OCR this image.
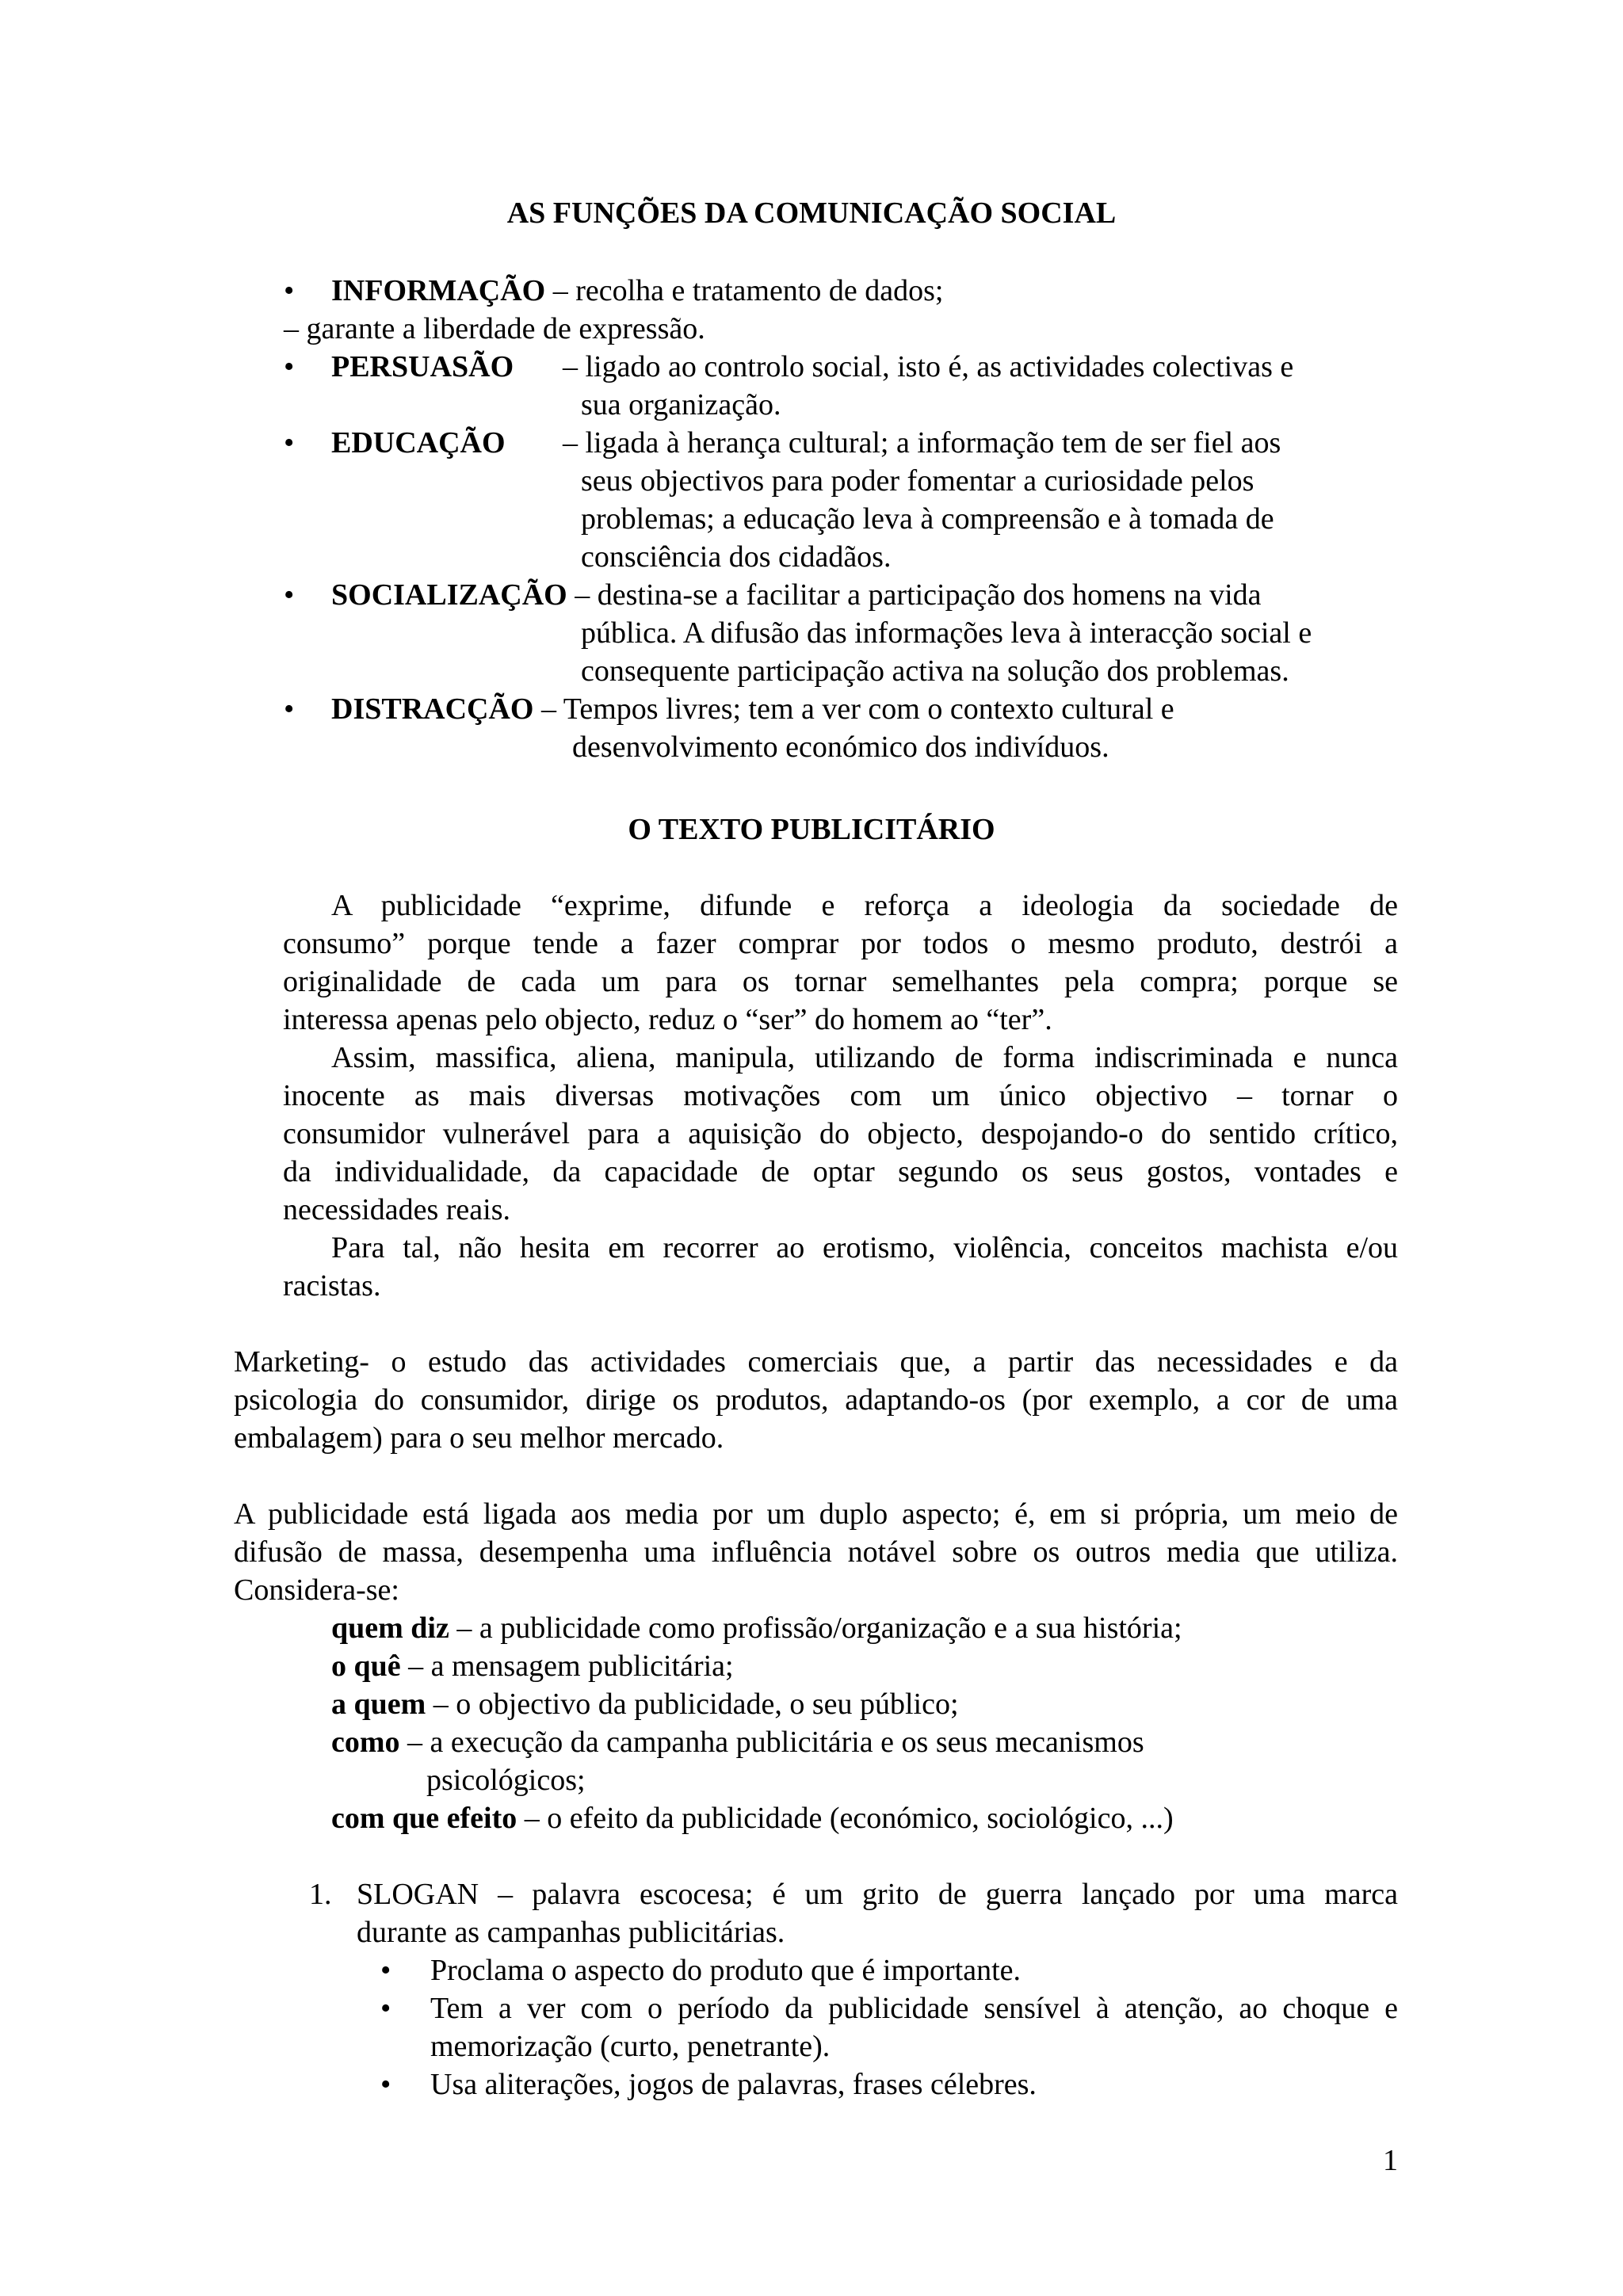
AS FUNÇÕES DA COMUNICAÇÃO SOCIAL
• INFORMAÇÃO – recolha e tratamento de dados;
– garante a liberdade de expressão.
• PERSUASÃO – ligado ao controlo social, isto é, as actividades colectivas e
sua organização.
• EDUCAÇÃO – ligada à herança cultural; a informação tem de ser fiel aos
seus objectivos para poder fomentar a curiosidade pelos
problemas; a educação leva à compreensão e à tomada de
consciência dos cidadãos.
• SOCIALIZAÇÃO – destina-se a facilitar a participação dos homens na vida
pública. A difusão das informações leva à interacção social e
consequente participação activa na solução dos problemas.
• DISTRACÇÃO – Tempos livres; tem a ver com o contexto cultural e
desenvolvimento económico dos indivíduos.
O TEXTO PUBLICITÁRIO
A publicidade “exprime, difunde e reforça a ideologia da sociedade de
consumo” porque tende a fazer comprar por todos o mesmo produto, destrói a
originalidade de cada um para os tornar semelhantes pela compra; porque se
interessa apenas pelo objecto, reduz o “ser” do homem ao “ter”.
Assim, massifica, aliena, manipula, utilizando de forma indiscriminada e nunca
inocente as mais diversas motivações com um único objectivo – tornar o
consumidor vulnerável para a aquisição do objecto, despojando-o do sentido crítico,
da individualidade, da capacidade de optar segundo os seus gostos, vontades e
necessidades reais.
Para tal, não hesita em recorrer ao erotismo, violência, conceitos machista e/ou
racistas.
Marketing- o estudo das actividades comerciais que, a partir das necessidades e da
psicologia do consumidor, dirige os produtos, adaptando-os (por exemplo, a cor de uma
embalagem) para o seu melhor mercado.
A publicidade está ligada aos media por um duplo aspecto; é, em si própria, um meio de
difusão de massa, desempenha uma influência notável sobre os outros media que utiliza.
Considera-se:
quem diz – a publicidade como profissão/organização e a sua história;
o quê – a mensagem publicitária;
a quem – o objectivo da publicidade, o seu público;
como – a execução da campanha publicitária e os seus mecanismos
psicológicos;
com que efeito – o efeito da publicidade (económico, sociológico, ...)
1. SLOGAN – palavra escocesa; é um grito de guerra lançado por uma marca
durante as campanhas publicitárias.
• Proclama o aspecto do produto que é importante.
• Tem a ver com o período da publicidade sensível à atenção, ao choque e
memorização (curto, penetrante).
• Usa aliterações, jogos de palavras, frases célebres.
1
